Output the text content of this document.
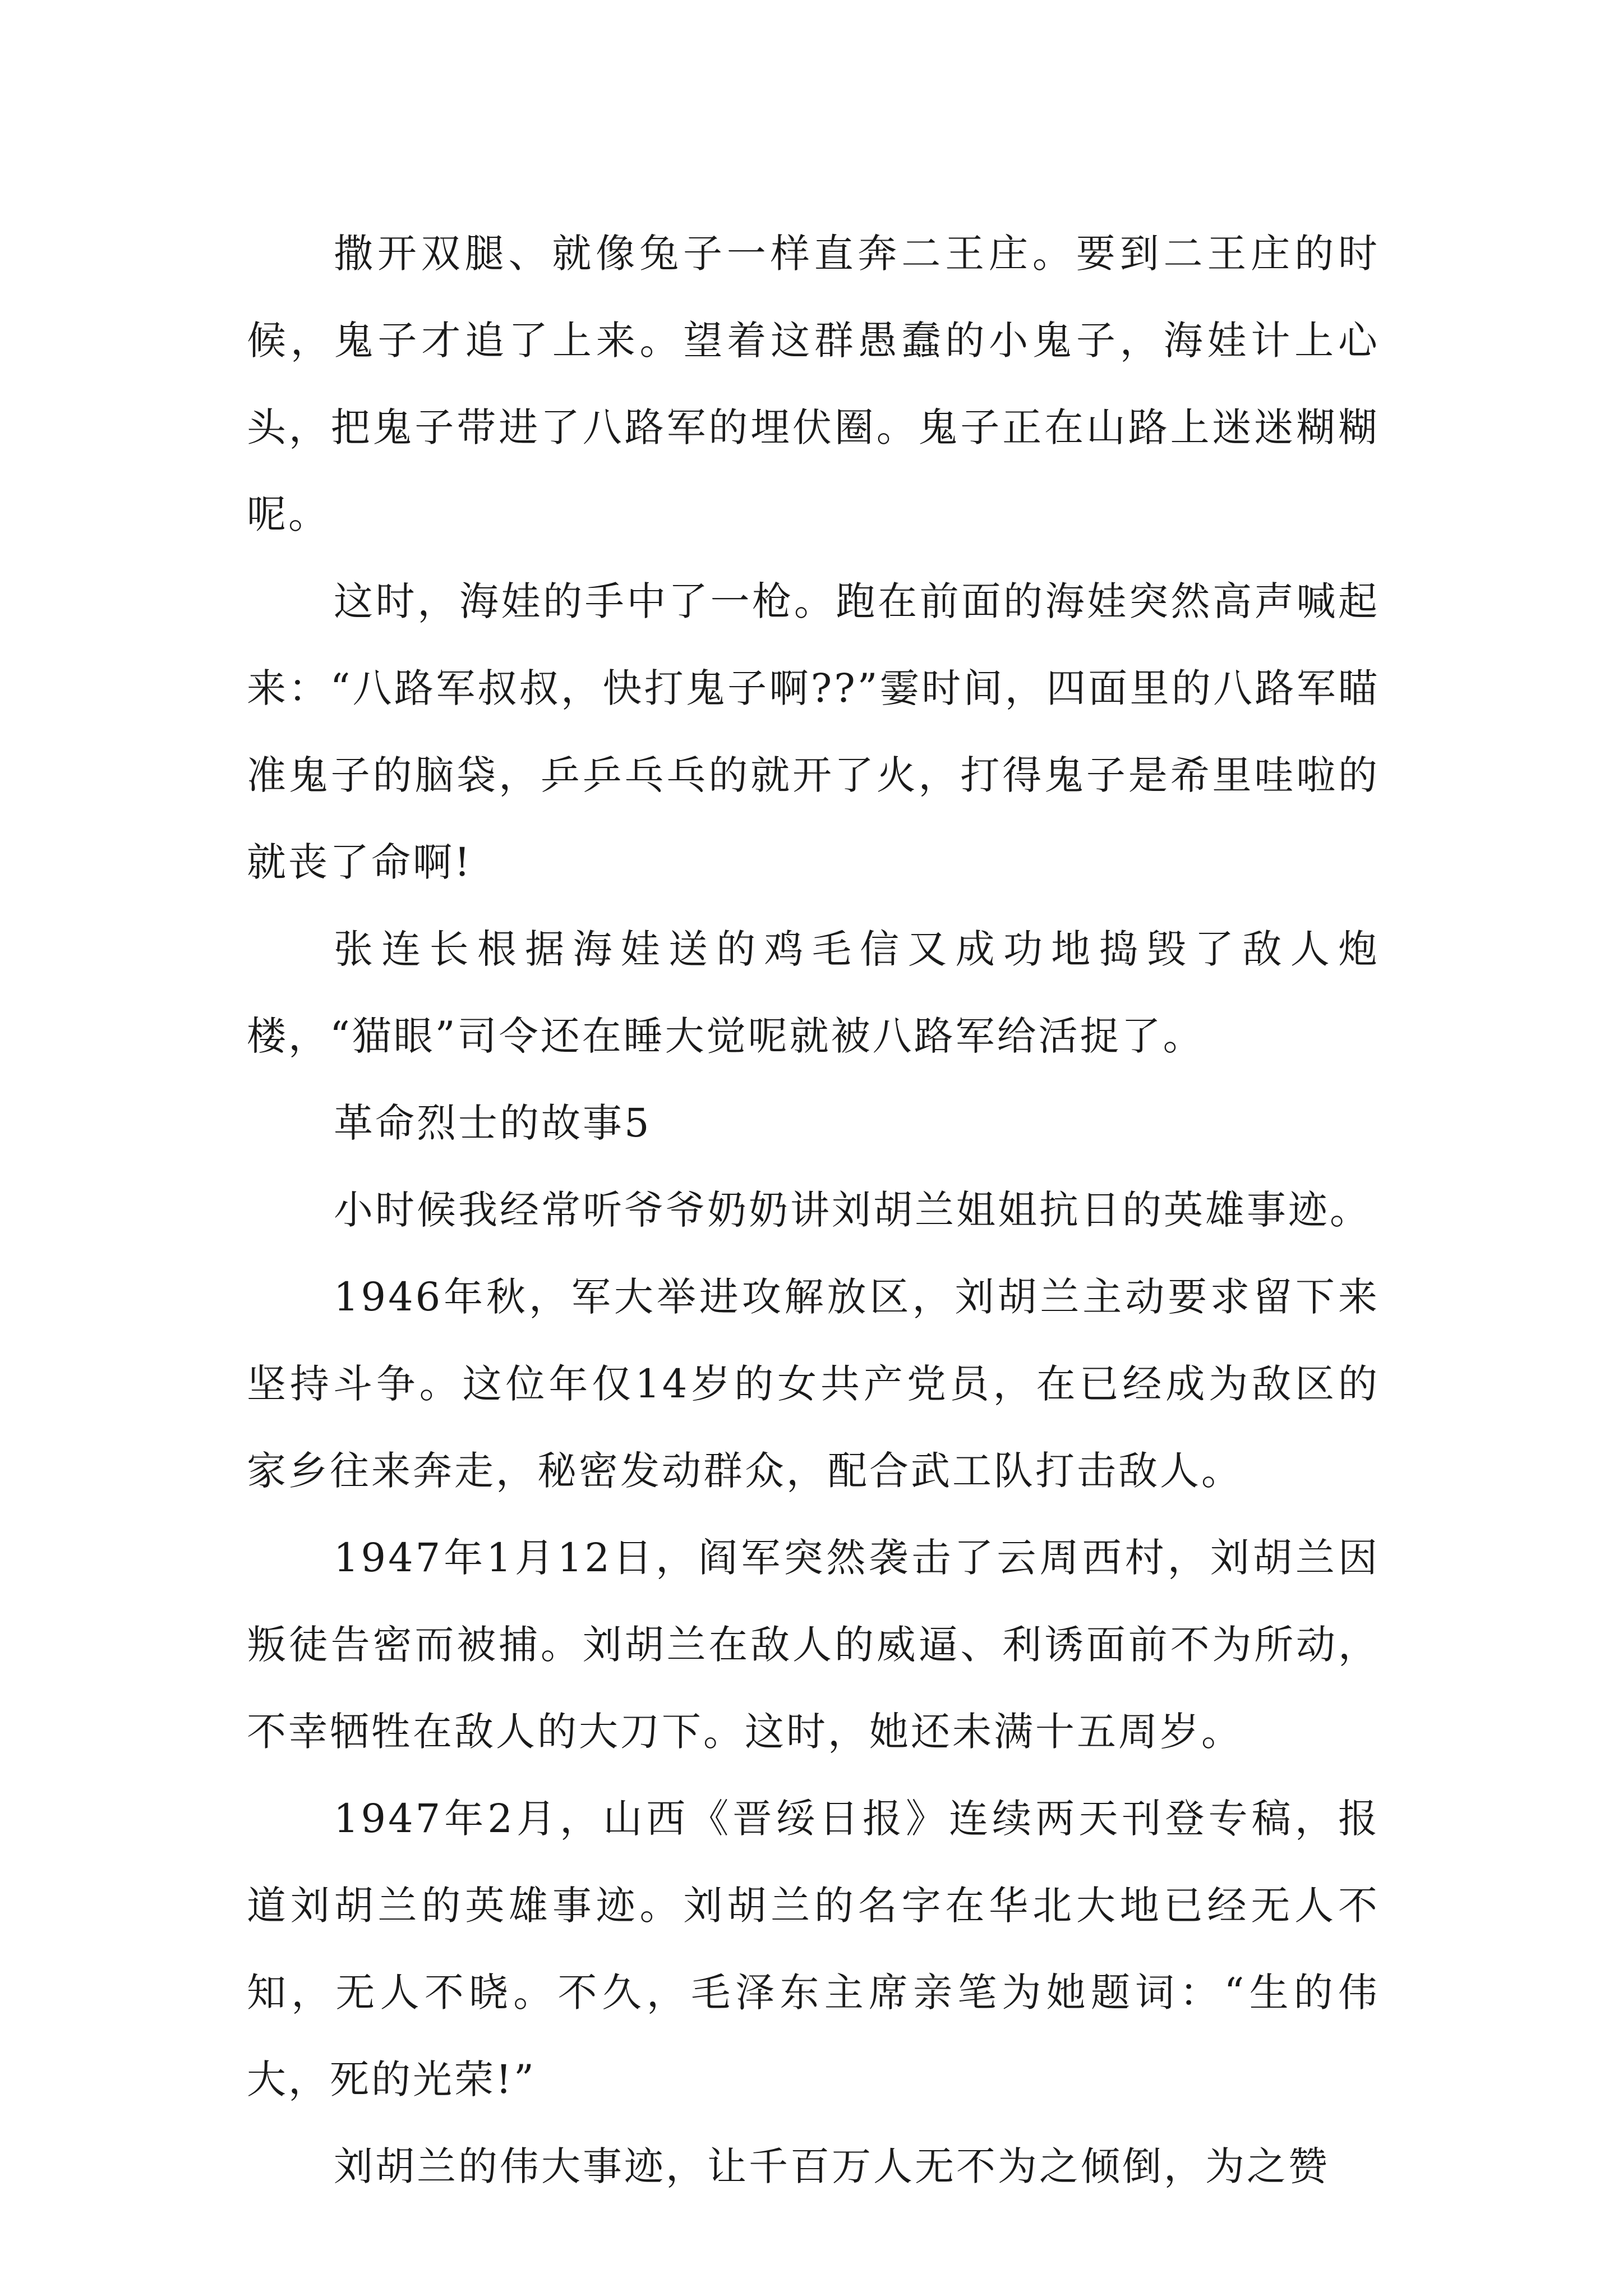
撒开双腿、就像兔子一样直奔二王庄。要到二王庄的时候，鬼子才追了上来。望着这群愚蠢的小鬼子，海娃计上心头，把鬼子带进了八路军的埋伏圈。鬼子正在山路上迷迷糊糊呢。

这时，海娃的手中了一枪。跑在前面的海娃突然高声喊起来：“八路军叔叔，快打鬼子啊??”霎时间，四面里的八路军瞄准鬼子的脑袋，乒乒乓乓的就开了火，打得鬼子是希里哇啦的就丧了命啊!

张连长根据海娃送的鸡毛信又成功地捣毁了敌人炮楼，“猫眼”司令还在睡大觉呢就被八路军给活捉了。

革命烈士的故事5

小时候我经常听爷爷奶奶讲刘胡兰姐姐抗日的英雄事迹。

1946年秋，军大举进攻解放区，刘胡兰主动要求留下来坚持斗争。这位年仅14岁的女共产党员，在已经成为敌区的家乡往来奔走，秘密发动群众，配合武工队打击敌人。

1947年1月12日，阎军突然袭击了云周西村，刘胡兰因叛徒告密而被捕。刘胡兰在敌人的威逼、利诱面前不为所动，不幸牺牲在敌人的大刀下。这时，她还未满十五周岁。

1947年2月，山西《晋绥日报》连续两天刊登专稿，报道刘胡兰的英雄事迹。刘胡兰的名字在华北大地已经无人不知，无人不晓。不久，毛泽东主席亲笔为她题词：“生的伟大，死的光荣!”

刘胡兰的伟大事迹，让千百万人无不为之倾倒，为之赞
